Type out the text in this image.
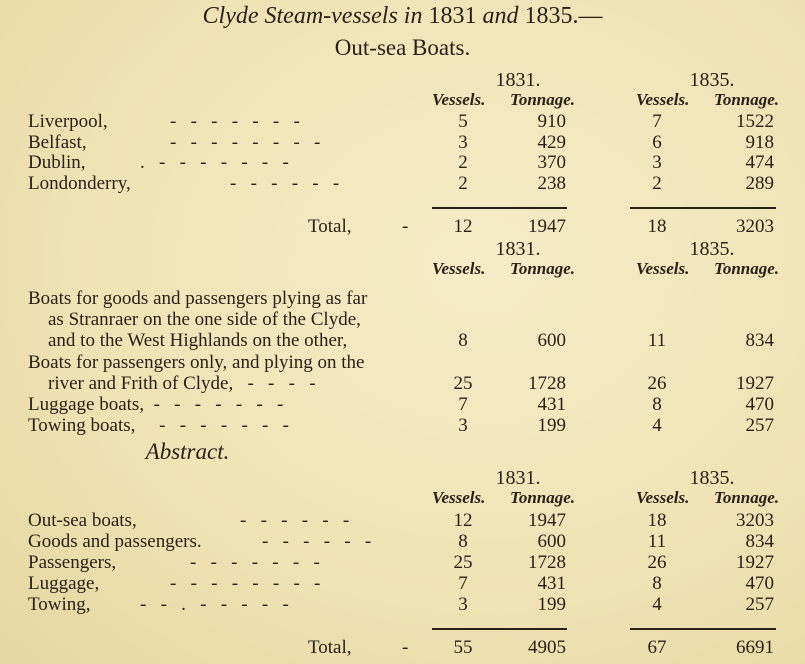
Clyde Steam-vessels in 1831 and 1835.—
Out-sea Boats.
Abstract.
1831.	1835.
Vessels. Tonnage.	Vessels. Tonnage.
Liverpool,	-   -   -   -   -   -   -	5	910	7	1522
Belfast,	-   -   -   -   -   -   -   -	3	429	6	918
Dublin,	.   -   -   -   -   -   -   -	2	370	3	474
Londonderry,	-   -   -   -   -   -	2	238	2	289
Total,	-	12	1947	18	3203
1831.	1835.
Vessels. Tonnage.	Vessels. Tonnage.
Boats for goods and passengers plying as far
as Stranraer on the one side of the Clyde,
and to the West Highlands on the other,	8	600	11	834
Boats for passengers only, and plying on the
river and Frith of Clyde,   -   -   -   -	25	1728	26	1927
Luggage boats,  -   -   -   -   -   -   -	7	431	8	470
Towing boats,     -   -   -   -   -   -   -	3	199	4	257
1831.	1835.
Vessels. Tonnage.	Vessels. Tonnage.
Out-sea boats,	-   -   -   -   -   -	12	1947	18	3203
Goods and passengers.	-   -   -   -   -   -	8	600	11	834
Passengers,	-   -   -   -   -   -   -	25	1728	26	1927
Luggage,	-   -   -   -   -   -   -   -	7	431	8	470
Towing,	-   -   .   -   -   -   -   -	3	199	4	257
Total,	-	55	4905	67	6691
